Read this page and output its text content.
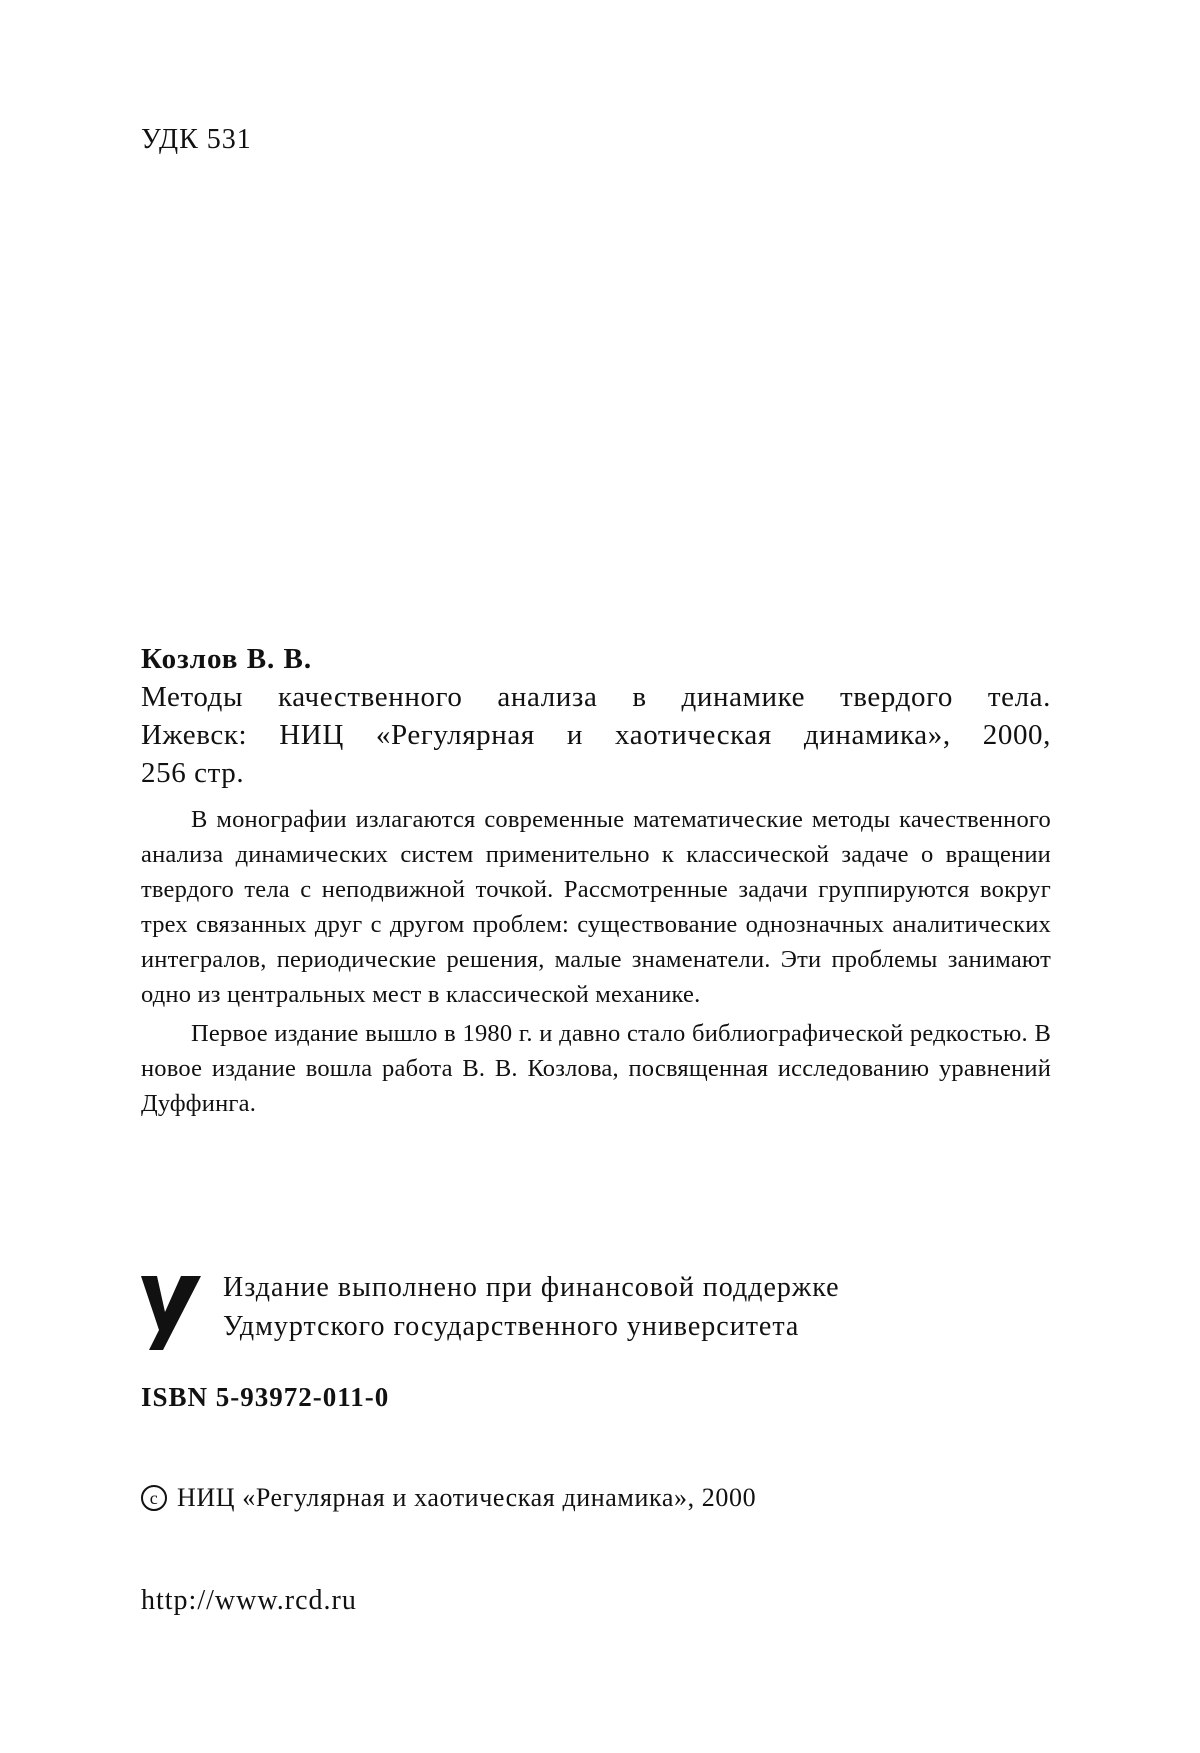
УДК 531
Козлов В. В.
Методы качественного анализа в динамике твердого тела.
Ижевск: НИЦ «Регулярная и хаотическая динамика», 2000,
256 стр.

В монографии излагаются современные математические методы качественного анализа динамических систем применительно к классической задаче о вращении твердого тела с неподвижной точкой. Рассмотренные задачи группируются вокруг трех связанных друг с другом проблем: существование однозначных аналитических интегралов, периодические решения, малые знаменатели. Эти проблемы занимают одно из центральных мест в классической механике.

Первое издание вышло в 1980 г. и давно стало библиографической редкостью. В новое издание вошла работа В. В. Козлова, посвященная исследованию уравнений Дуффинга.

Издание выполнено при финансовой поддержке
Удмуртского государственного университета
ISBN 5-93972-011-0
c НИЦ «Регулярная и хаотическая динамика», 2000
http://www.rcd.ru
